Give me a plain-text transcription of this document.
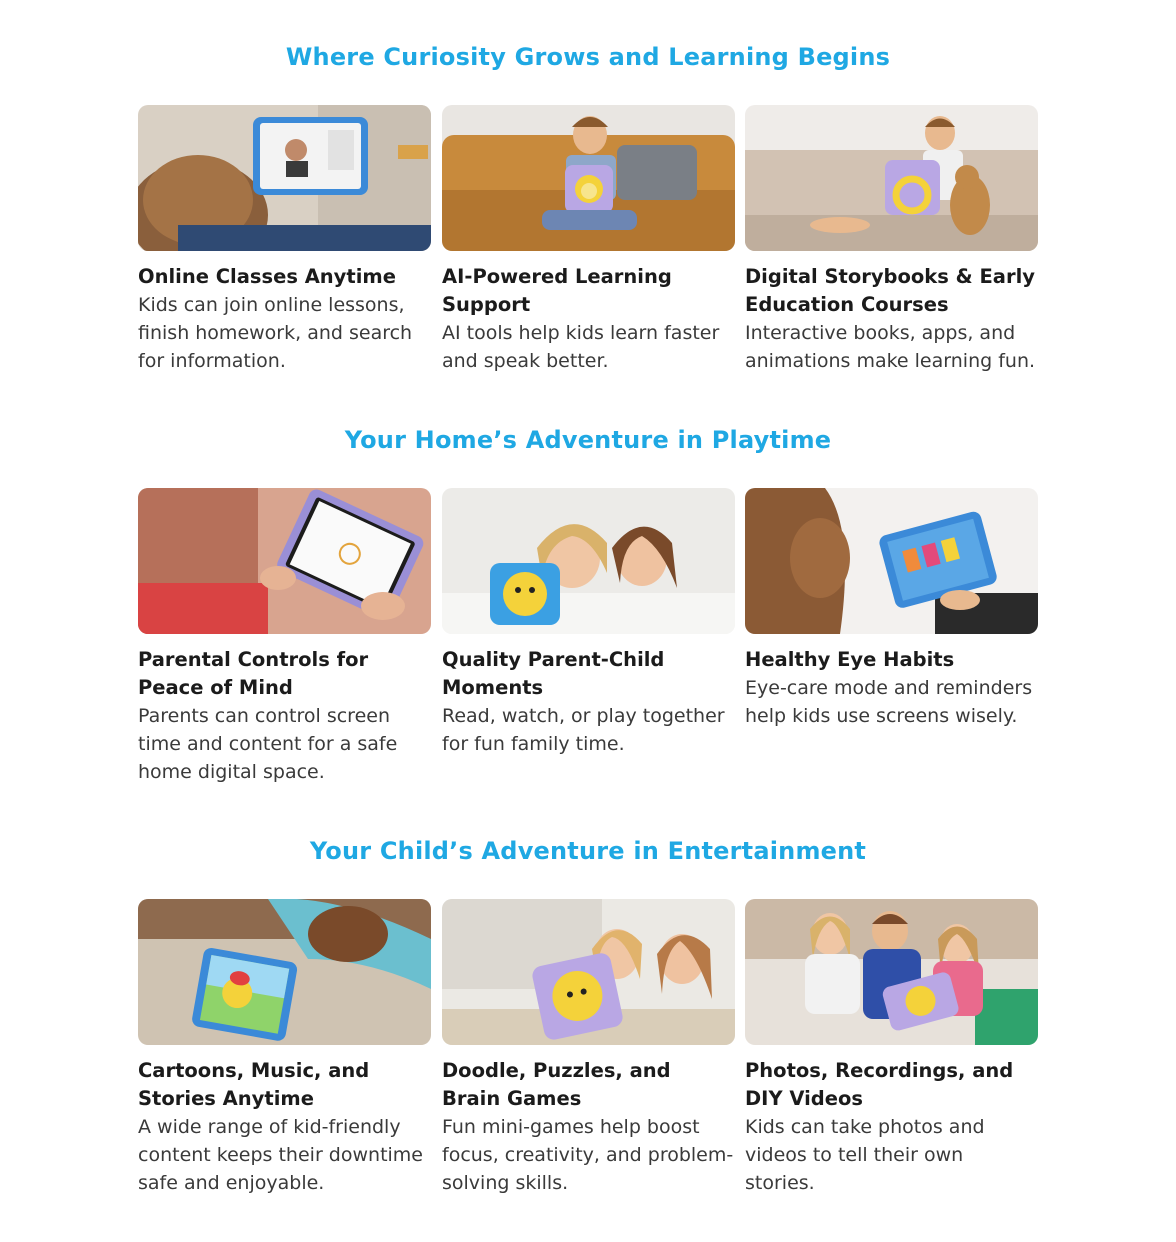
Where Curiosity Grows and Learning Begins

Online Classes Anytime

Kids can join online lessons, finish homework, and search for information.

AI-Powered Learning Support

AI tools help kids learn faster and speak better.

Digital Storybooks & Early Education Courses

Interactive books, apps, and animations make learning fun.

Your Home’s Adventure in Playtime

Parental Controls for Peace of Mind

Parents can control screen time and content for a safe home digital space.

Quality Parent-Child Moments

Read, watch, or play together for fun family time.

Healthy Eye Habits

Eye-care mode and reminders help kids use screens wisely.

Your Child’s Adventure in Entertainment

Cartoons, Music, and Stories Anytime

A wide range of kid-friendly content keeps their downtime safe and enjoyable.

Doodle, Puzzles, and Brain Games

Fun mini-games help boost focus, creativity, and problem-solving skills.

Photos, Recordings, and DIY Videos

Kids can take photos and videos to tell their own stories.
